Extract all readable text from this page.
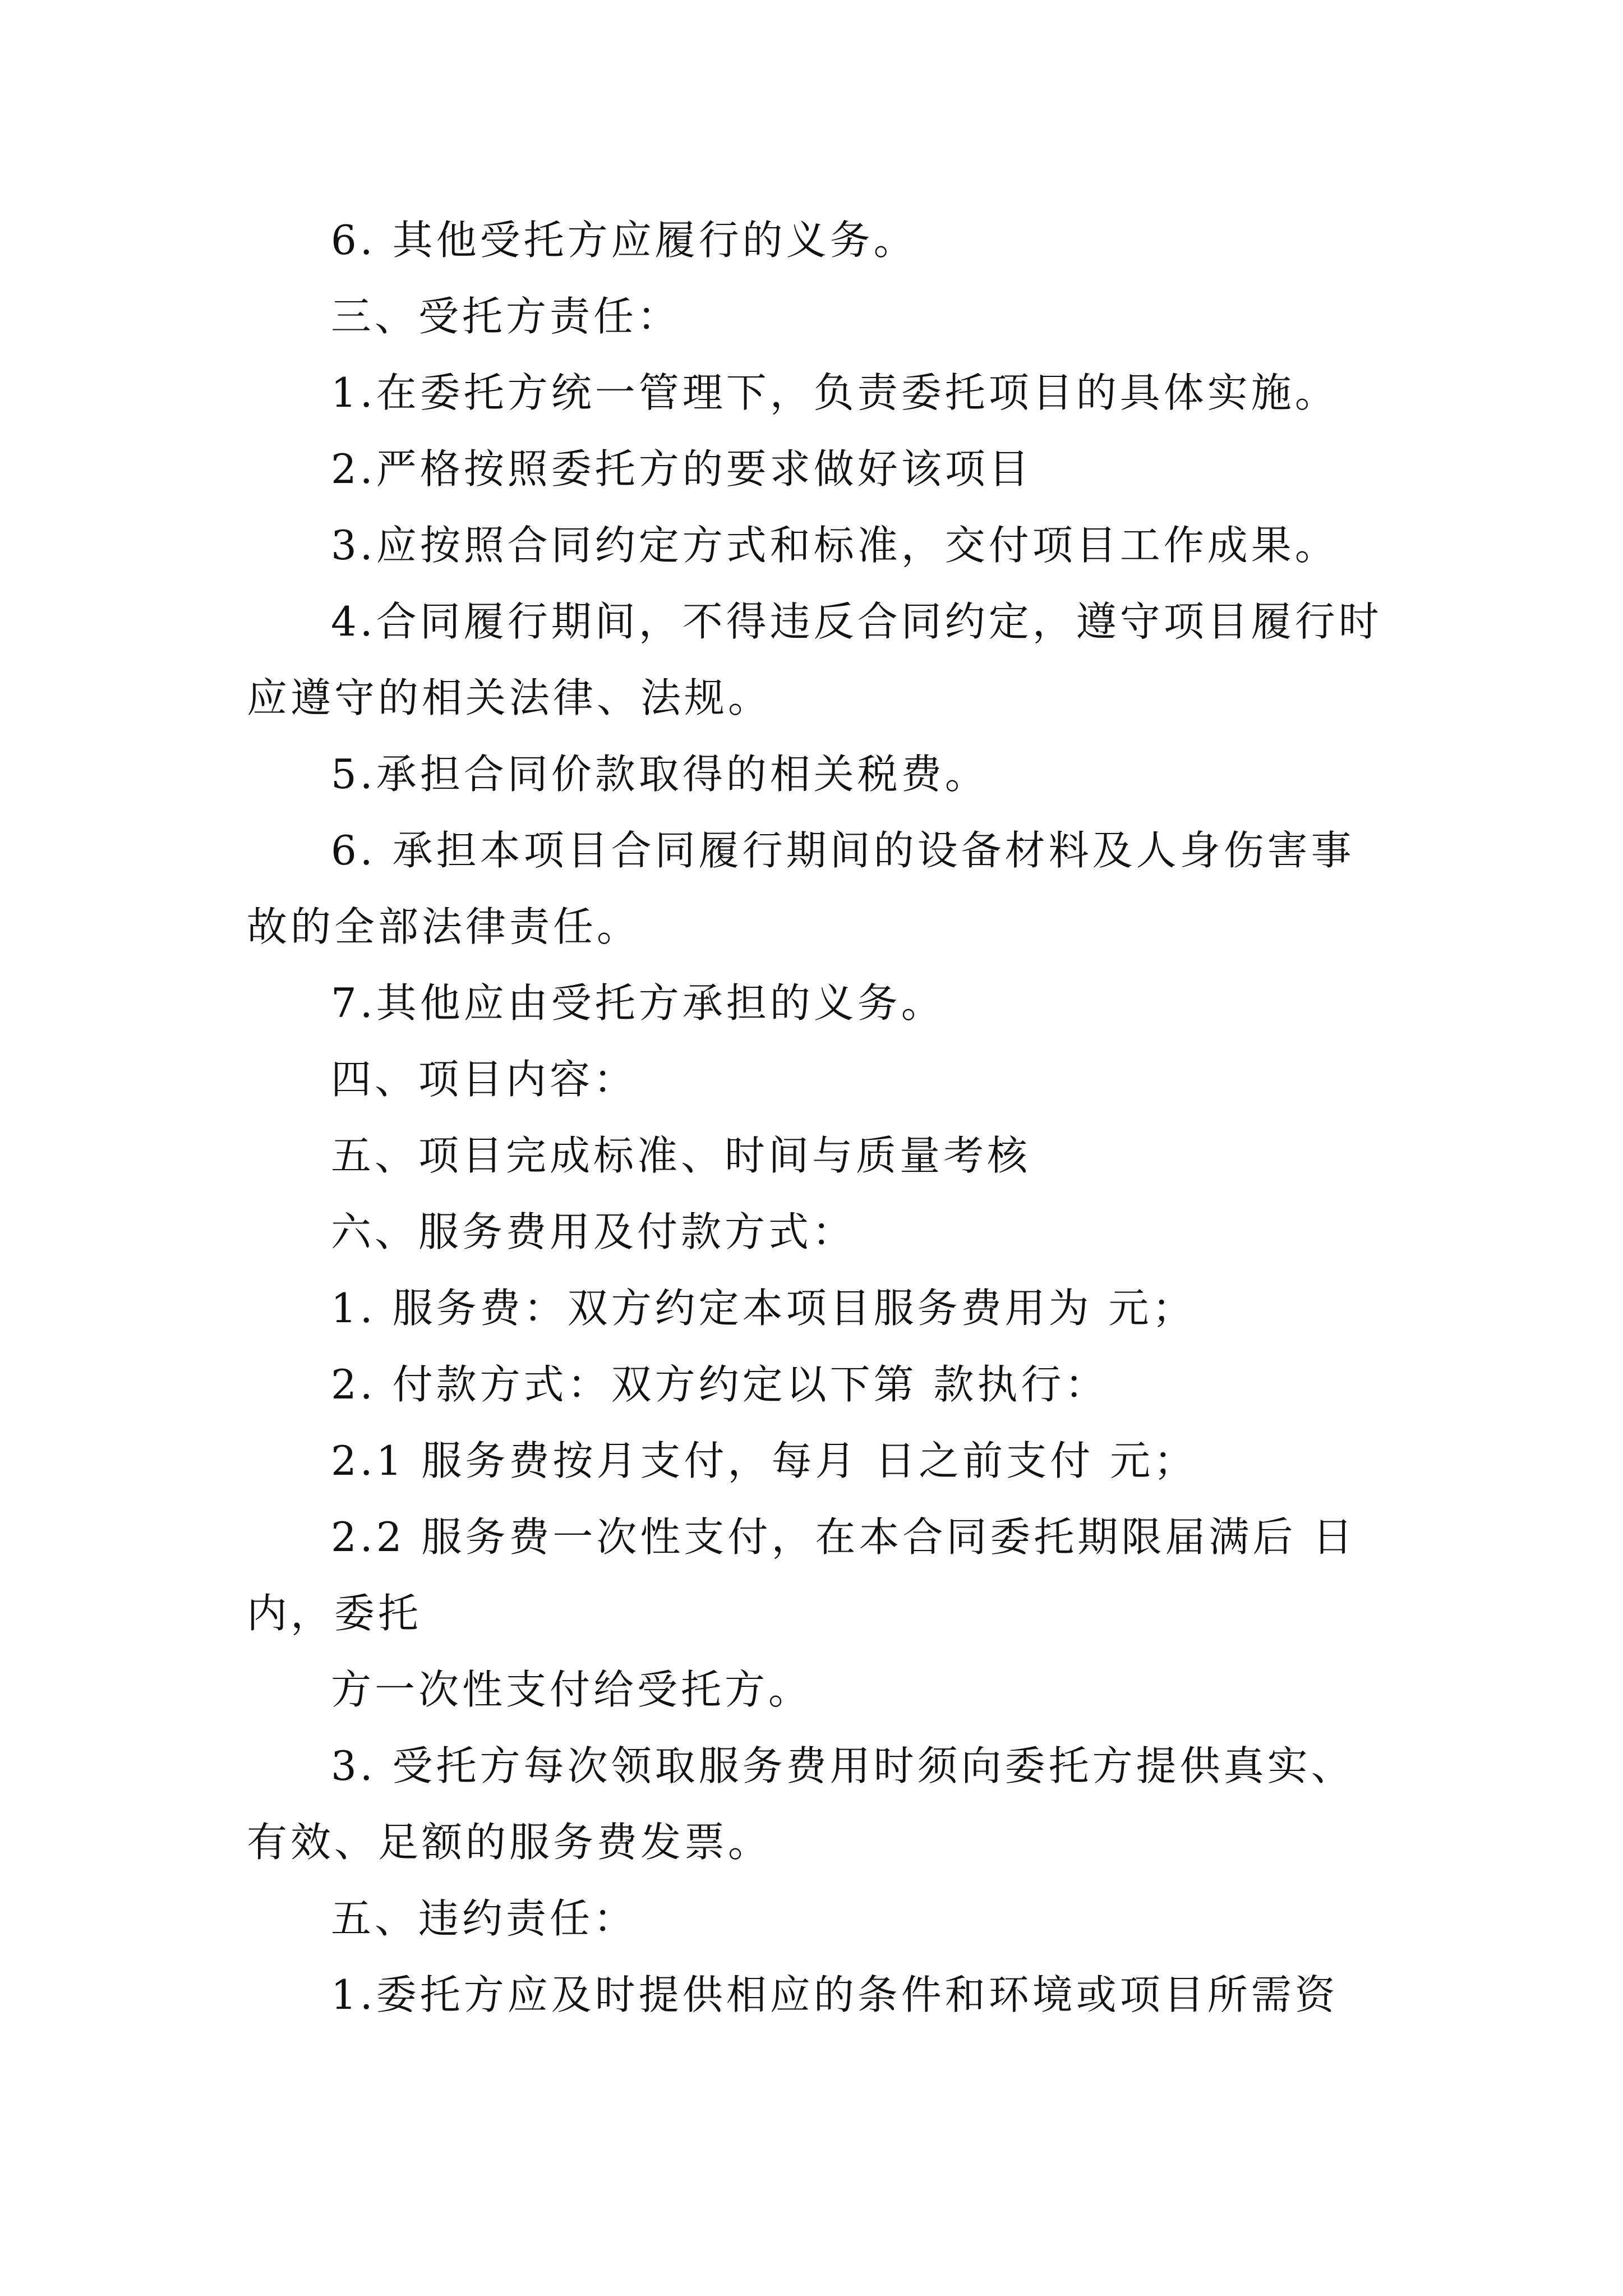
6. 其他受托方应履行的义务。
三、受托方责任：
1.在委托方统一管理下，负责委托项目的具体实施。
2.严格按照委托方的要求做好该项目
3.应按照合同约定方式和标准，交付项目工作成果。
4.合同履行期间，不得违反合同约定，遵守项目履行时
应遵守的相关法律、法规。
5.承担合同价款取得的相关税费。
6. 承担本项目合同履行期间的设备材料及人身伤害事
故的全部法律责任。
7.其他应由受托方承担的义务。
四、项目内容：
五、项目完成标准、时间与质量考核
六、服务费用及付款方式：
1. 服务费：双方约定本项目服务费用为 元；
2. 付款方式：双方约定以下第 款执行：
2.1 服务费按月支付，每月 日之前支付 元；
2.2 服务费一次性支付，在本合同委托期限届满后 日
内，委托
方一次性支付给受托方。
3. 受托方每次领取服务费用时须向委托方提供真实、
有效、足额的服务费发票。
五、违约责任：
1.委托方应及时提供相应的条件和环境或项目所需资
